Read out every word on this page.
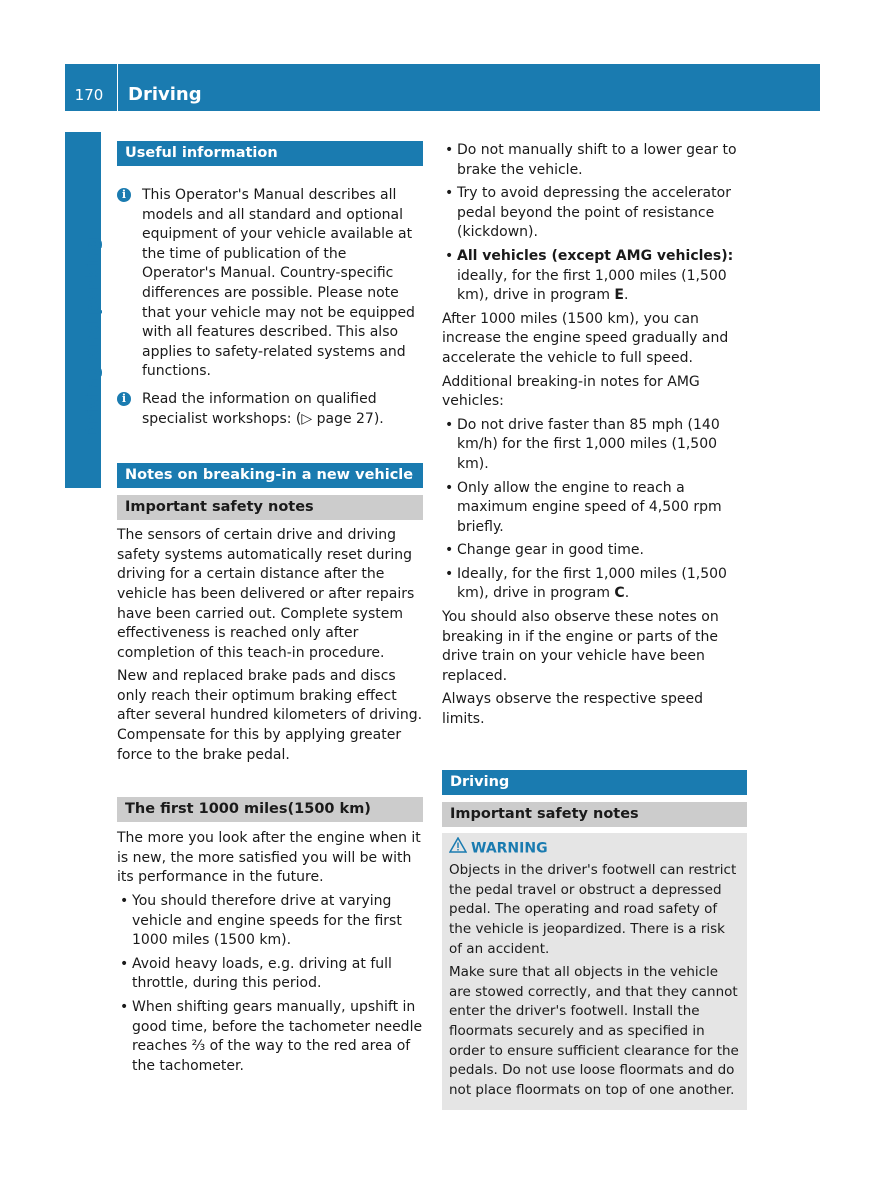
170	Driving
Driving and parking
Useful information
i	This Operator's Manual describes all models and all standard and optional equipment of your vehicle available at the time of publication of the Operator's Manual. Country-specific differences are possible. Please note that your vehicle may not be equipped with all features described. This also applies to safety-related systems and functions.
i	Read the information on qualified specialist workshops: (▷ page 27).
Notes on breaking-in a new vehicle
Important safety notes

The sensors of certain drive and driving safety systems automatically reset during driving for a certain distance after the vehicle has been delivered or after repairs have been carried out. Complete system effectiveness is reached only after completion of this teach-in procedure.

New and replaced brake pads and discs only reach their optimum braking effect after several hundred kilometers of driving. Compensate for this by applying greater force to the brake pedal.

The first 1000 miles(1500 km)

The more you look after the engine when it is new, the more satisfied you will be with its performance in the future.

• You should therefore drive at varying vehicle and engine speeds for the first 1000 miles (1500 km).
• Avoid heavy loads, e.g. driving at full throttle, during this period.
• When shifting gears manually, upshift in good time, before the tachometer needle reaches ⅔ of the way to the red area of the tachometer.
• Do not manually shift to a lower gear to brake the vehicle.
• Try to avoid depressing the accelerator pedal beyond the point of resistance (kickdown).
• All vehicles (except AMG vehicles):
ideally, for the first 1,000 miles (1,500 km), drive in program E.

After 1000 miles (1500 km), you can increase the engine speed gradually and accelerate the vehicle to full speed.

Additional breaking-in notes for AMG vehicles:

• Do not drive faster than 85 mph (140 km/h) for the first 1,000 miles (1,500 km).
• Only allow the engine to reach a maximum engine speed of 4,500 rpm briefly.
• Change gear in good time.
• Ideally, for the first 1,000 miles (1,500 km), drive in program C.

You should also observe these notes on breaking in if the engine or parts of the drive train on your vehicle have been replaced.

Always observe the respective speed limits.

Driving
Important safety notes
WARNING

Objects in the driver's footwell can restrict the pedal travel or obstruct a depressed pedal. The operating and road safety of the vehicle is jeopardized. There is a risk of an accident.

Make sure that all objects in the vehicle are stowed correctly, and that they cannot enter the driver's footwell. Install the floormats securely and as specified in order to ensure sufficient clearance for the pedals. Do not use loose floormats and do not place floormats on top of one another.
